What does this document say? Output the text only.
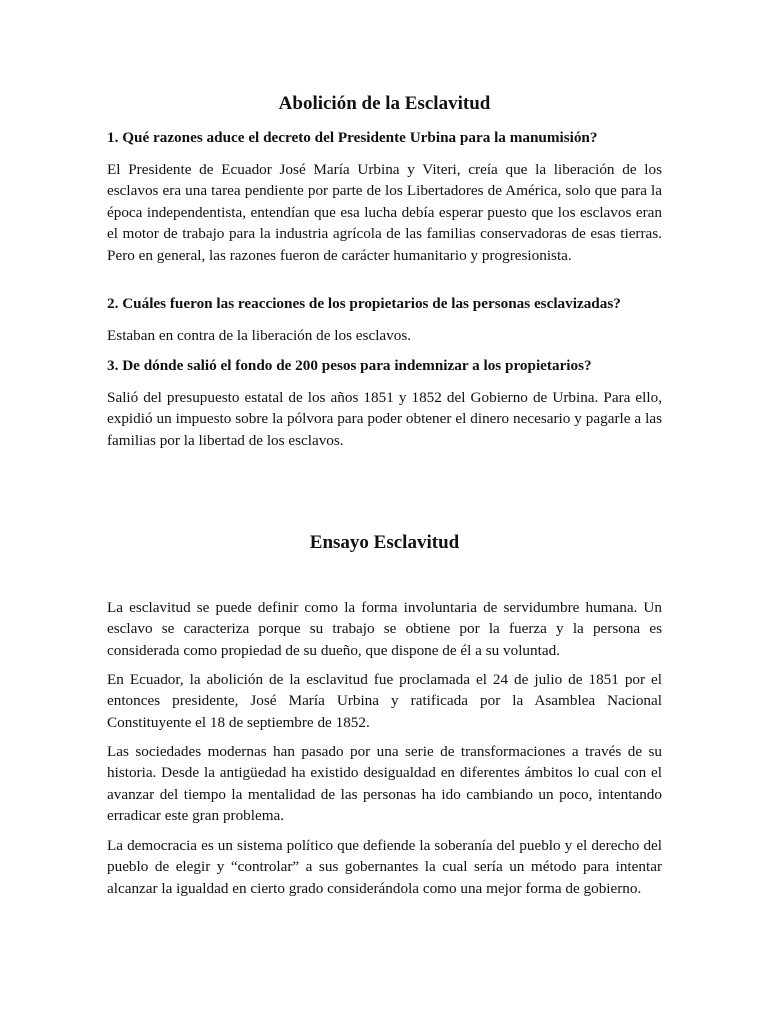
Abolición de la Esclavitud

1. Qué razones aduce el decreto del Presidente Urbina para la manumisión?

El Presidente de Ecuador José María Urbina y Viteri, creía que la liberación de los esclavos era una tarea pendiente por parte de los Libertadores de América, solo que para la época independentista, entendían que esa lucha debía esperar puesto que los esclavos eran el motor de trabajo para la industria agrícola de las familias conservadoras de esas tierras. Pero en general, las razones fueron de carácter humanitario y progresionista.

2. Cuáles fueron las reacciones de los propietarios de las personas esclavizadas?

Estaban en contra de la liberación de los esclavos.

3. De dónde salió el fondo de 200 pesos para indemnizar a los propietarios?

Salió del presupuesto estatal de los años 1851 y 1852 del Gobierno de Urbina. Para ello, expidió un impuesto sobre la pólvora para poder obtener el dinero necesario y pagarle a las familias por la libertad de los esclavos.

Ensayo Esclavitud

La esclavitud se puede definir como la forma involuntaria de servidumbre humana. Un esclavo se caracteriza porque su trabajo se obtiene por la fuerza y la persona es considerada como propiedad de su dueño, que dispone de él a su voluntad.

En Ecuador, la abolición de la esclavitud fue proclamada el 24 de julio de 1851 por el entonces presidente, José María Urbina y ratificada por la Asamblea Nacional Constituyente el 18 de septiembre de 1852.

Las sociedades modernas han pasado por una serie de transformaciones a través de su historia. Desde la antigüedad ha existido desigualdad en diferentes ámbitos lo cual con el avanzar del tiempo la mentalidad de las personas ha ido cambiando un poco, intentando erradicar este gran problema.

La democracia es un sistema político que defiende la soberanía del pueblo y el derecho del pueblo de elegir y “controlar” a sus gobernantes la cual sería un método para intentar alcanzar la igualdad en cierto grado considerándola como una mejor forma de gobierno.
